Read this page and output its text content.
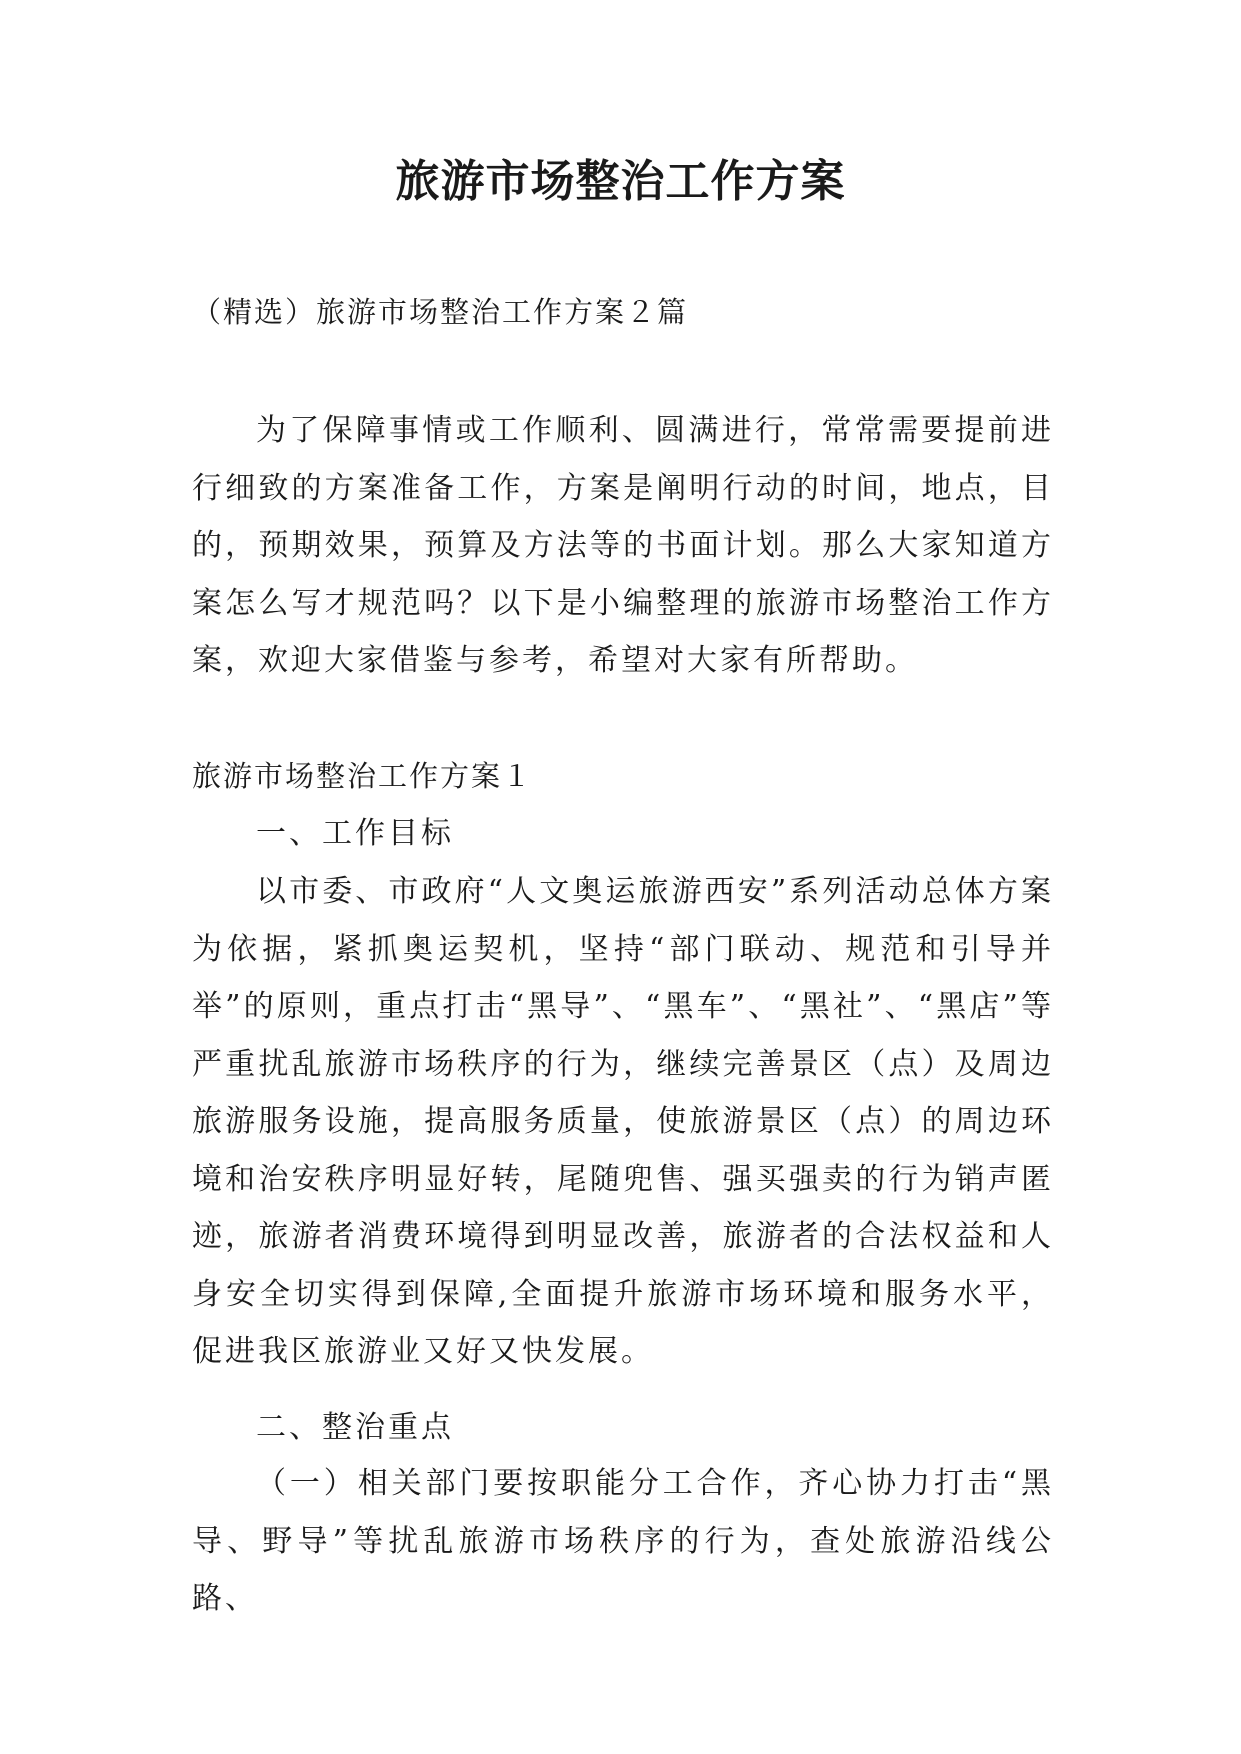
旅游市场整治工作方案

（精选）旅游市场整治工作方案２篇

为了保障事情或工作顺利、圆满进行，常常需要提前进行细致的方案准备工作，方案是阐明行动的时间，地点，目的，预期效果，预算及方法等的书面计划。那么大家知道方案怎么写才规范吗？以下是小编整理的旅游市场整治工作方案，欢迎大家借鉴与参考，希望对大家有所帮助。

旅游市场整治工作方案１

一、工作目标

以市委、市政府“人文奥运旅游西安”系列活动总体方案为依据，紧抓奥运契机，坚持“部门联动、规范和引导并举”的原则，重点打击“黑导”、“黑车”、“黑社”、“黑店”等严重扰乱旅游市场秩序的行为，继续完善景区（点）及周边旅游服务设施，提高服务质量，使旅游景区（点）的周边环境和治安秩序明显好转，尾随兜售、强买强卖的行为销声匿迹，旅游者消费环境得到明显改善，旅游者的合法权益和人身安全切实得到保障,全面提升旅游市场环境和服务水平，促进我区旅游业又好又快发展。

二、整治重点

（一）相关部门要按职能分工合作，齐心协力打击“黑导、野导”等扰乱旅游市场秩序的行为，查处旅游沿线公路、
